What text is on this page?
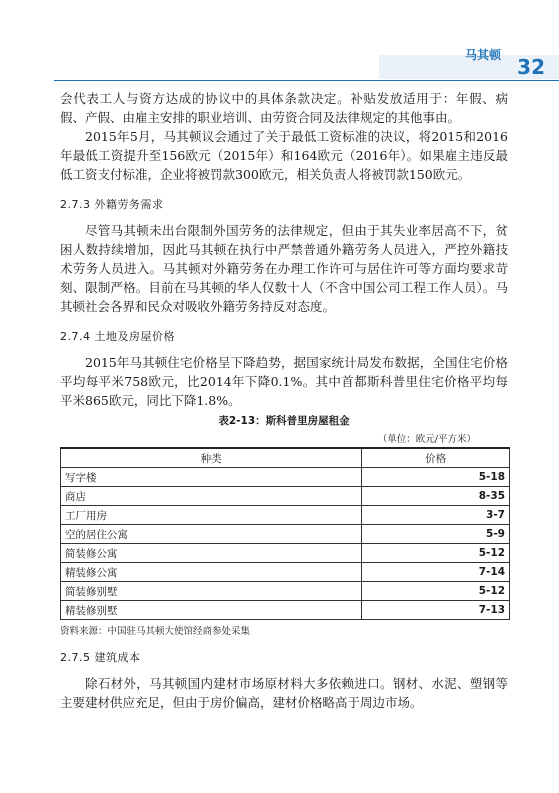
马其顿 32

会代表工人与资方达成的协议中的具体条款决定。补贴发放适用于：年假、病假、产假、由雇主安排的职业培训、由劳资合同及法律规定的其他事由。

2015年5月，马其顿议会通过了关于最低工资标准的决议，将2015和2016年最低工资提升至156欧元（2015年）和164欧元（2016年）。如果雇主违反最低工资支付标准，企业将被罚款300欧元，相关负责人将被罚款150欧元。

2.7.3 外籍劳务需求

尽管马其顿未出台限制外国劳务的法律规定，但由于其失业率居高不下，贫困人数持续增加，因此马其顿在执行中严禁普通外籍劳务人员进入，严控外籍技术劳务人员进入。马其顿对外籍劳务在办理工作许可与居住许可等方面均要求苛刻、限制严格。目前在马其顿的华人仅数十人（不含中国公司工程工作人员）。马其顿社会各界和民众对吸收外籍劳务持反对态度。

2.7.4 土地及房屋价格

2015年马其顿住宅价格呈下降趋势，据国家统计局发布数据，全国住宅价格平均每平米758欧元，比2014年下降0.1%。其中首都斯科普里住宅价格平均每平米865欧元，同比下降1.8%。

表2-13：斯科普里房屋租金
（单位：欧元/平方米）
种类	价格
写字楼	5-18
商店	8-35
工厂用房	3-7
空的居住公寓	5-9
简装修公寓	5-12
精装修公寓	7-14
简装修别墅	5-12
精装修别墅	7-13
资料来源：中国驻马其顿大使馆经商参处采集
2.7.5 建筑成本

除石材外，马其顿国内建材市场原材料大多依赖进口。钢材、水泥、塑钢等主要建材供应充足，但由于房价偏高，建材价格略高于周边市场。
